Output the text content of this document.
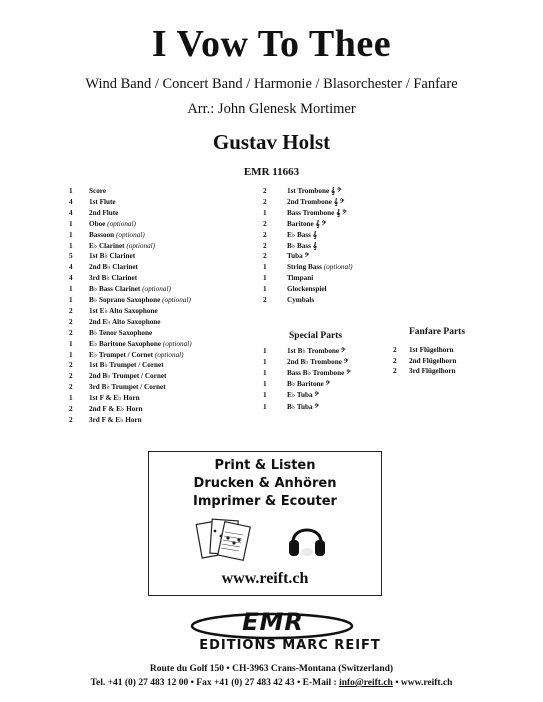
I Vow To Thee
Wind Band / Concert Band / Harmonie / Blasorchester / Fanfare
Arr.: John Glenesk Mortimer
Gustav Holst
EMR 11663
1 Score
4 1st Flute
4 2nd Flute
1 Oboe (optional)
1 Bassoon (optional)
1 E♭ Clarinet (optional)
5 1st B♭ Clarinet
4 2nd B♭ Clarinet
4 3rd B♭ Clarinet
1 B♭ Bass Clarinet (optional)
1 B♭ Soprano Saxophone (optional)
2 1st E♭ Alto Saxophone
2 2nd E♭ Alto Saxophone
2 B♭ Tenor Saxophone
1 E♭ Baritone Saxophone (optional)
1 E♭ Trumpet / Cornet (optional)
2 1st B♭ Trumpet / Cornet
2 2nd B♭ Trumpet / Cornet
2 3rd B♭ Trumpet / Cornet
1 1st F & E♭ Horn
2 2nd F & E♭ Horn
2 3rd F & E♭ Horn
2	1st Trombone 𝄞 𝄢
2	2nd Trombone 𝄞 𝄢
1	Bass Trombone 𝄞 𝄢
2	Baritone 𝄞 𝄢
2	E♭ Bass 𝄞
2	B♭ Bass 𝄞
2	Tuba 𝄢
1	String Bass (optional)
1	Timpani
1	Glockenspiel
2	Cymbals
Special Parts
1	1st B♭ Trombone 𝄢
1	2nd B♭ Trombone 𝄢
1	Bass B♭ Trombone 𝄢
1	B♭ Baritone 𝄢
1	E♭ Tuba 𝄢
1	B♭ Tuba 𝄢
Fanfare Parts
2 1st Flügelhorn
2 2nd Flügelhorn
2 3rd Flügelhorn
Print & Listen
Drucken & Anhören
Imprimer & Ecouter
www.reift.ch
EMR
EDITIONS MARC REIFT
Route du Golf 150 • CH-3963 Crans-Montana (Switzerland)
Tel. +41 (0) 27 483 12 00 • Fax +41 (0) 27 483 42 43 • E-Mail : info@reift.ch • www.reift.ch
